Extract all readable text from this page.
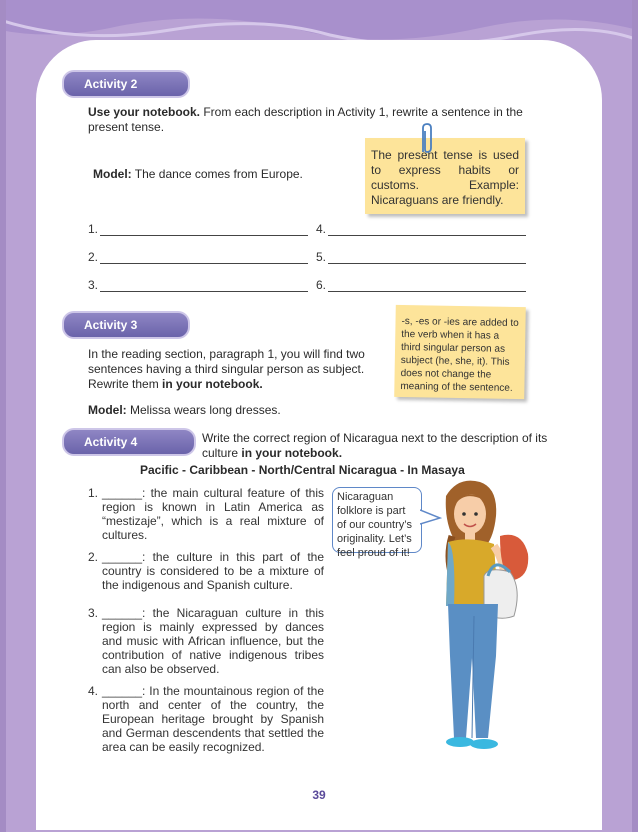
Activity 2
Use your notebook. From each description in Activity 1, rewrite a sentence in the present tense.
Model: The dance comes from Europe.
The present tense is used to express habits or customs. Example: Nicaraguans are friendly.
1.	4.
2.	5.
3.	6.
Activity 3
In the reading section, paragraph 1, you will find two sentences having a third singular person as subject. Rewrite them in your notebook.
Model: Melissa wears long dresses.
-s, -es or -ies are added to the verb when it has a third singular person as subject (he, she, it). This does not change the meaning of the sentence.
Activity 4	Write the correct region of Nicaragua next to the description of its culture in your notebook.
Pacific - Caribbean - North/Central Nicaragua - In Masaya
1. ______: the main cultural feature of this region is known in Latin America as “mestizaje”, which is a real mixture of cultures.
2. ______: the culture in this part of the country is considered to be a mixture of the indigenous and Spanish culture.
3. ______: the Nicaraguan culture in this region is mainly expressed by dances and music with African influence, but the contribution of native indigenous tribes can also be observed.
4. ______: In the mountainous region of the north and center of the country, the European heritage brought by Spanish and German descendents that settled the area can be easily recognized.
Nicaraguan folklore is part of our country’s originality. Let’s feel proud of it!
39
